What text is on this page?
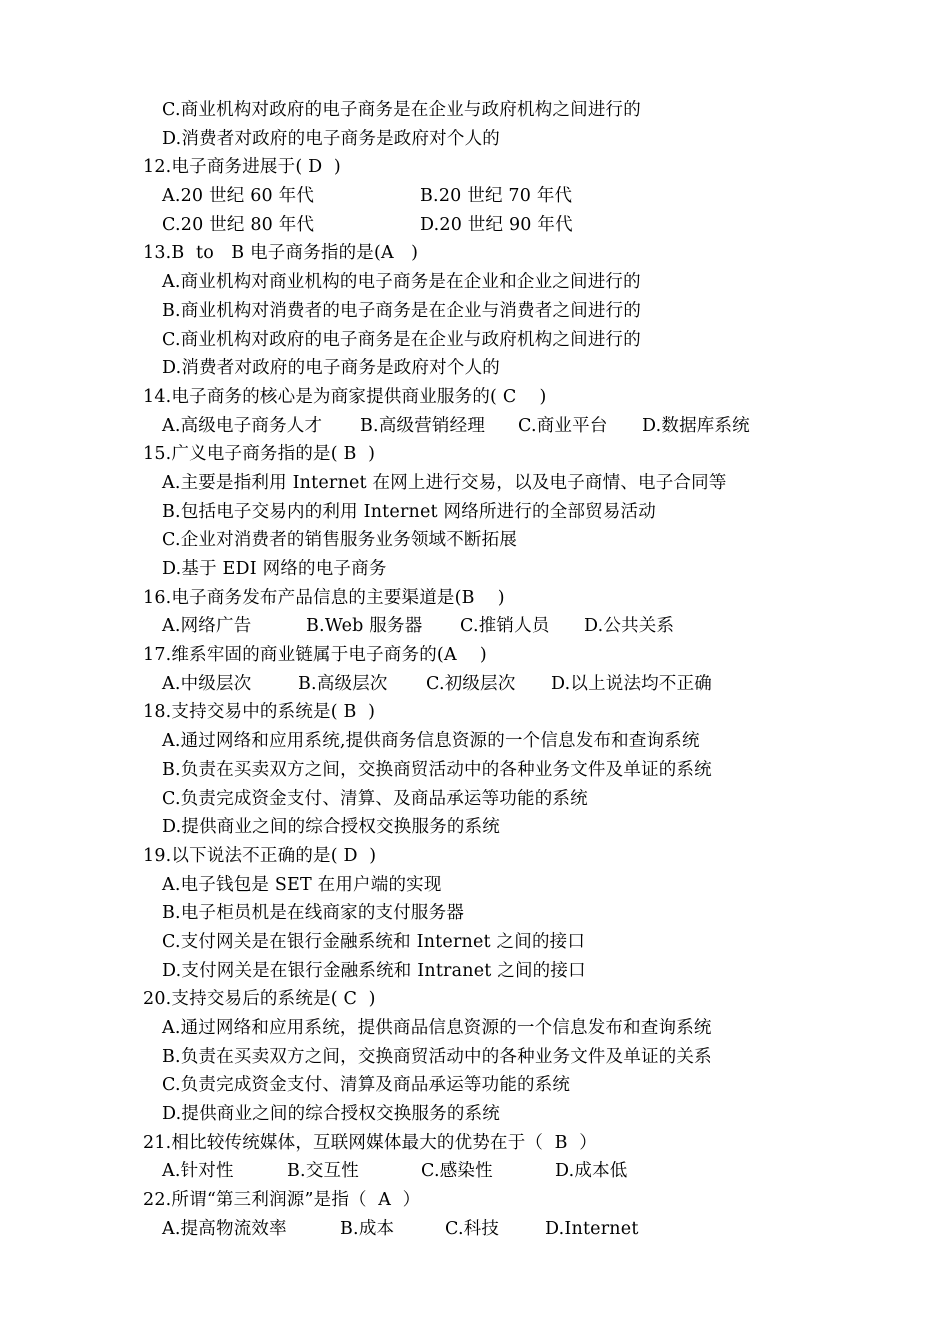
C.商业机构对政府的电子商务是在企业与政府机构之间进行的
D.消费者对政府的电子商务是政府对个人的
12.电子商务进展于( D  )
A.20 世纪 60 年代	B.20 世纪 70 年代
C.20 世纪 80 年代	D.20 世纪 90 年代
13.B  to   B 电子商务指的是(A   )
A.商业机构对商业机构的电子商务是在企业和企业之间进行的
B.商业机构对消费者的电子商务是在企业与消费者之间进行的
C.商业机构对政府的电子商务是在企业与政府机构之间进行的
D.消费者对政府的电子商务是政府对个人的
14.电子商务的核心是为商家提供商业服务的( C    )
A.高级电子商务人才 B.高级营销经理 C.商业平台 D.数据库系统
15.广义电子商务指的是( B  )
A.主要是指利用 Internet 在网上进行交易，以及电子商情、电子合同等
B.包括电子交易内的利用 Internet 网络所进行的全部贸易活动
C.企业对消费者的销售服务业务领域不断拓展
D.基于 EDI 网络的电子商务
16.电子商务发布产品信息的主要渠道是(B    )
A.网络广告	B.Web 服务器 C.推销人员 D.公共关系
17.维系牢固的商业链属于电子商务的(A    )
A.中级层次	B.高级层次 C.初级层次 D.以上说法均不正确
18.支持交易中的系统是( B  )
A.通过网络和应用系统,提供商务信息资源的一个信息发布和查询系统
B.负责在买卖双方之间，交换商贸活动中的各种业务文件及单证的系统
C.负责完成资金支付、清算、及商品承运等功能的系统
D.提供商业之间的综合授权交换服务的系统
19.以下说法不正确的是( D  )
A.电子钱包是 SET 在用户端的实现
B.电子柜员机是在线商家的支付服务器
C.支付网关是在银行金融系统和 Internet 之间的接口
D.支付网关是在银行金融系统和 Intranet 之间的接口
20.支持交易后的系统是( C  )
A.通过网络和应用系统，提供商品信息资源的一个信息发布和查询系统
B.负责在买卖双方之间，交换商贸活动中的各种业务文件及单证的关系
C.负责完成资金支付、清算及商品承运等功能的系统
D.提供商业之间的综合授权交换服务的系统
21.相比较传统媒体，互联网媒体最大的优势在于（  B  ）
A.针对性	B.交互性	C.感染性	D.成本低
22.所谓“第三利润源”是指（  A  ）
A.提高物流效率	B.成本	C.科技	D.Internet
